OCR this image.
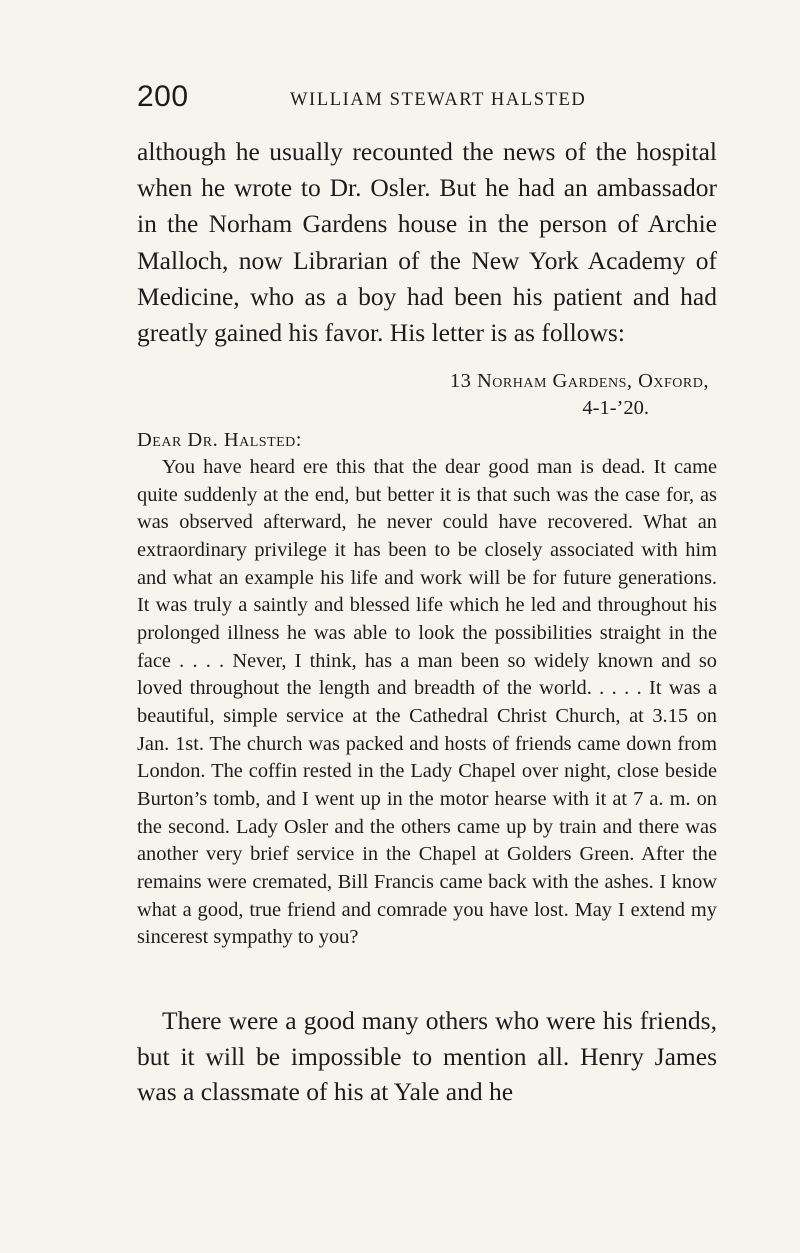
200	WILLIAM STEWART HALSTED
although he usually recounted the news of the hospital when he wrote to Dr. Osler. But he had an ambassador in the Norham Gardens house in the person of Archie Malloch, now Librarian of the New York Academy of Medicine, who as a boy had been his patient and had greatly gained his favor. His letter is as follows:
13 Norham Gardens, Oxford,
4-1-’20.
Dear Dr. Halsted:

You have heard ere this that the dear good man is dead. It came quite suddenly at the end, but better it is that such was the case for, as was observed afterward, he never could have recovered. What an extraordinary privilege it has been to be closely associated with him and what an example his life and work will be for future generations. It was truly a saintly and blessed life which he led and throughout his prolonged illness he was able to look the possibilities straight in the face . . . . Never, I think, has a man been so widely known and so loved throughout the length and breadth of the world. . . . . It was a beautiful, simple service at the Cathedral Christ Church, at 3.15 on Jan. 1st. The church was packed and hosts of friends came down from London. The coffin rested in the Lady Chapel over night, close beside Burton’s tomb, and I went up in the motor hearse with it at 7 a. m. on the second. Lady Osler and the others came up by train and there was another very brief service in the Chapel at Golders Green. After the remains were cremated, Bill Francis came back with the ashes. I know what a good, true friend and comrade you have lost. May I extend my sincerest sympathy to you?

There were a good many others who were his friends, but it will be impossible to mention all. Henry James was a classmate of his at Yale and he
